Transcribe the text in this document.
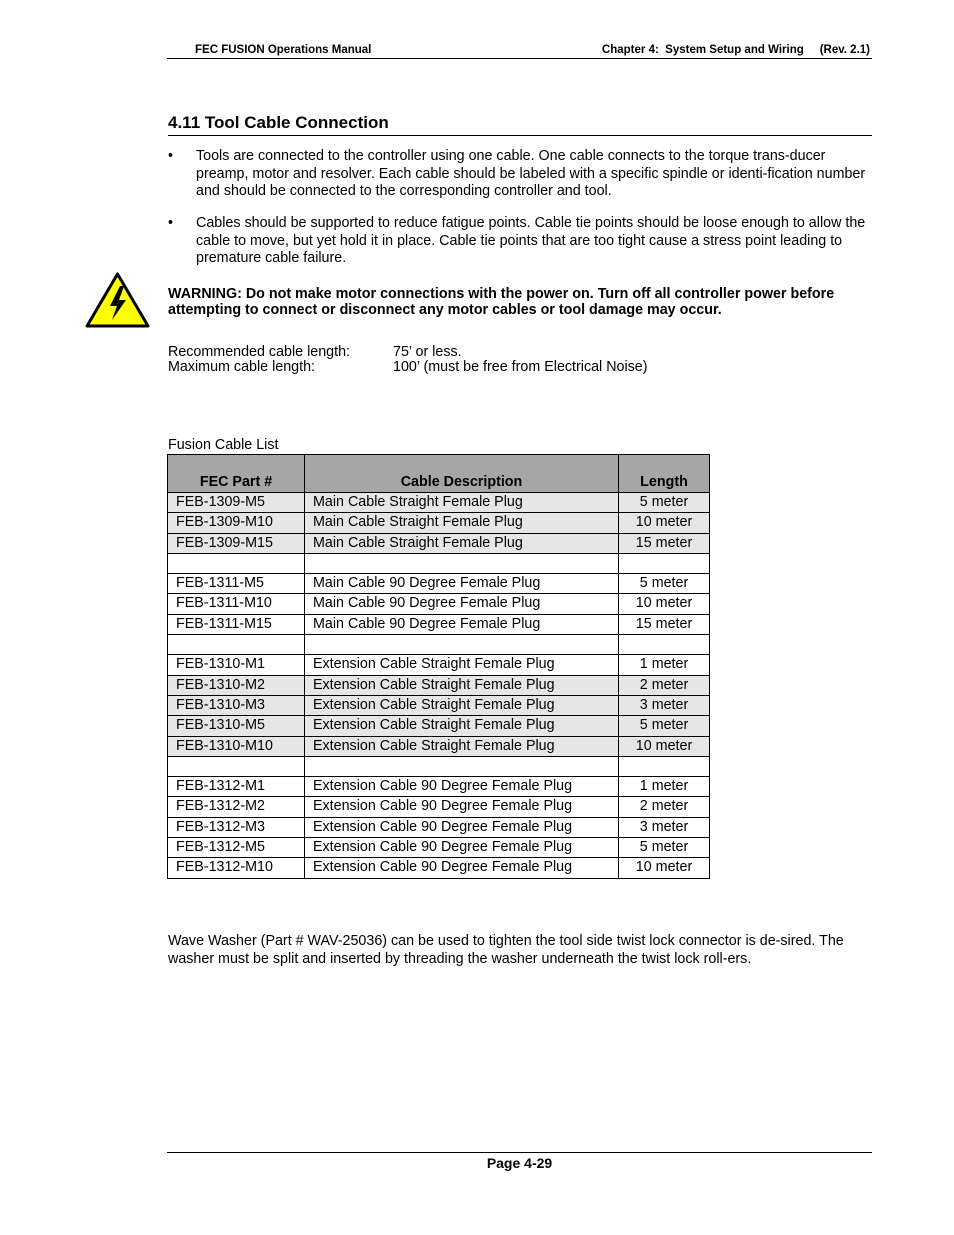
FEC FUSION Operations Manual	Chapter 4:  System Setup and Wiring     (Rev. 2.1)
4.11 Tool Cable Connection
• Tools are connected to the controller using one cable. One cable connects to the torque trans-ducer preamp, motor and resolver. Each cable should be labeled with a specific spindle or identi-fication number and should be connected to the corresponding controller and tool.
• Cables should be supported to reduce fatigue points. Cable tie points should be loose enough to allow the cable to move, but yet hold it in place. Cable tie points that are too tight cause a stress point leading to premature cable failure.
WARNING: Do not make motor connections with the power on. Turn off all controller power before attempting to connect or disconnect any motor cables or tool damage may occur.
Recommended cable length:	75’ or less.
Maximum cable length:	100’ (must be free from Electrical Noise)
Fusion Cable List
FEC Part #	Cable Description	Length
FEB-1309-M5	Main Cable Straight Female Plug	5 meter
FEB-1309-M10	Main Cable Straight Female Plug	10 meter
FEB-1309-M15	Main Cable Straight Female Plug	15 meter

FEB-1311-M5	Main Cable 90 Degree Female Plug	5 meter
FEB-1311-M10	Main Cable 90 Degree Female Plug	10 meter
FEB-1311-M15	Main Cable 90 Degree Female Plug	15 meter

FEB-1310-M1	Extension Cable Straight Female Plug	1 meter
FEB-1310-M2	Extension Cable Straight Female Plug	2 meter
FEB-1310-M3	Extension Cable Straight Female Plug	3 meter
FEB-1310-M5	Extension Cable Straight Female Plug	5 meter
FEB-1310-M10	Extension Cable Straight Female Plug	10 meter

FEB-1312-M1	Extension Cable 90 Degree Female Plug	1 meter
FEB-1312-M2	Extension Cable 90 Degree Female Plug	2 meter
FEB-1312-M3	Extension Cable 90 Degree Female Plug	3 meter
FEB-1312-M5	Extension Cable 90 Degree Female Plug	5 meter
FEB-1312-M10	Extension Cable 90 Degree Female Plug	10 meter
Wave Washer (Part # WAV-25036) can be used to tighten the tool side twist lock connector is de-sired. The washer must be split and inserted by threading the washer underneath the twist lock roll-ers.
Page 4-29
